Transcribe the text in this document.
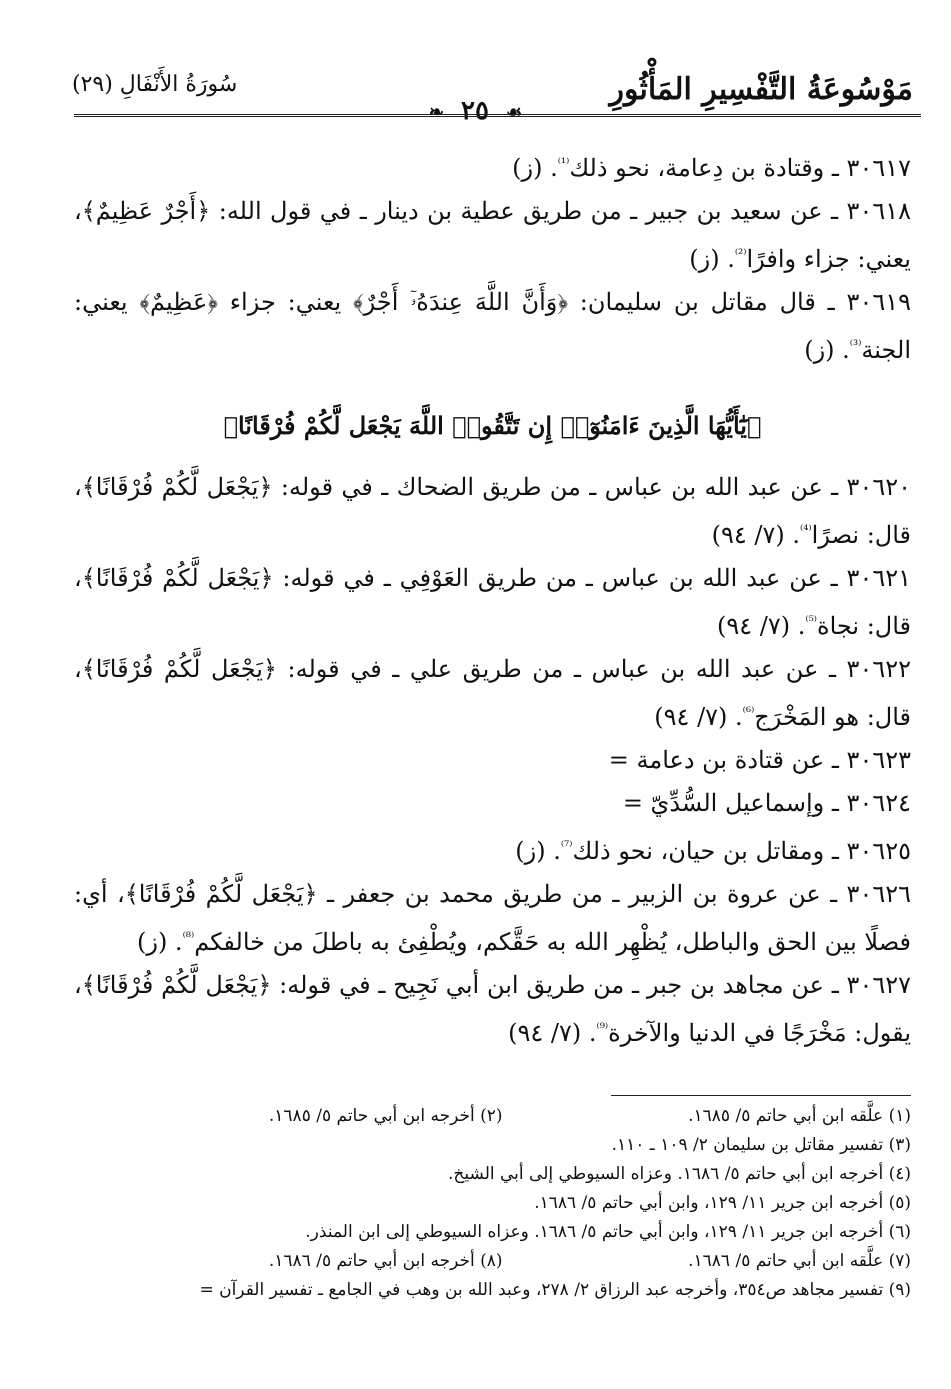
مَوْسُوعَةُ التَّفْسِيرِ المَأْثُورِ
سُورَةُ الأَنْفَالِ (٢٩)
❧ ٢٥ ☙

٣٠٦١٧ ـ وقتادة بن دِعامة، نحو ذلك$^{^{(1)}}$. (ز)

٣٠٦١٨ ـ عن سعيد بن جبير ـ من طريق عطية بن دينار ـ في قول الله: ﴿أَجْرٌ عَظِيمٌ﴾، يعني: جزاء وافرًا$^{^{(2)}}$. (ز)

٣٠٦١٩ ـ قال مقاتل بن سليمان: ﴿وَأَنَّ اللَّهَ عِندَهُۥٓ أَجْرٌ﴾ يعني: جزاء ﴿عَظِيمٌ﴾ يعني: الجنة$^{^{(3)}}$. (ز)

﴿يَٰٓأَيُّهَا الَّذِينَ ءَامَنُوٓا۟ إِن تَتَّقُوا۟ اللَّهَ يَجْعَل لَّكُمْ فُرْقَانًا﴾

٣٠٦٢٠ ـ عن عبد الله بن عباس ـ من طريق الضحاك ـ في قوله: ﴿يَجْعَل لَّكُمْ فُرْقَانًا﴾، قال: نصرًا$^{^{(4)}}$. (٧/ ٩٤)

٣٠٦٢١ ـ عن عبد الله بن عباس ـ من طريق العَوْفِي ـ في قوله: ﴿يَجْعَل لَّكُمْ فُرْقَانًا﴾، قال: نجاة$^{^{(5)}}$. (٧/ ٩٤)

٣٠٦٢٢ ـ عن عبد الله بن عباس ـ من طريق علي ـ في قوله: ﴿يَجْعَل لَّكُمْ فُرْقَانًا﴾، قال: هو المَخْرَج$^{^{(6)}}$. (٧/ ٩٤)

٣٠٦٢٣ ـ عن قتادة بن دعامة =

٣٠٦٢٤ ـ وإسماعيل السُّدِّيّ =

٣٠٦٢٥ ـ ومقاتل بن حيان، نحو ذلك$^{^{(7)}}$. (ز)

٣٠٦٢٦ ـ عن عروة بن الزبير ـ من طريق محمد بن جعفر ـ ﴿يَجْعَل لَّكُمْ فُرْقَانًا﴾، أي: فصلًا بين الحق والباطل، يُظْهِر الله به حَقَّكم، ويُطْفِئ به باطلَ من خالفكم$^{^{(8)}}$. (ز)

٣٠٦٢٧ ـ عن مجاهد بن جبر ـ من طريق ابن أبي نَجِيح ـ في قوله: ﴿يَجْعَل لَّكُمْ فُرْقَانًا﴾، يقول: مَخْرَجًا في الدنيا والآخرة$^{^{(9)}}$. (٧/ ٩٤)

(١) علَّقه ابن أبي حاتم ٥/ ١٦٨٥.
(٢) أخرجه ابن أبي حاتم ٥/ ١٦٨٥.
(٣) تفسير مقاتل بن سليمان ٢/ ١٠٩ ـ ١١٠.
(٤) أخرجه ابن أبي حاتم ٥/ ١٦٨٦. وعزاه السيوطي إلى أبي الشيخ.
(٥) أخرجه ابن جرير ١١/ ١٢٩، وابن أبي حاتم ٥/ ١٦٨٦.
(٦) أخرجه ابن جرير ١١/ ١٢٩، وابن أبي حاتم ٥/ ١٦٨٦. وعزاه السيوطي إلى ابن المنذر.
(٧) علَّقه ابن أبي حاتم ٥/ ١٦٨٦.
(٨) أخرجه ابن أبي حاتم ٥/ ١٦٨٦.
(٩) تفسير مجاهد ص٣٥٤، وأخرجه عبد الرزاق ٢/ ٢٧٨، وعبد الله بن وهب في الجامع ـ تفسير القرآن =
